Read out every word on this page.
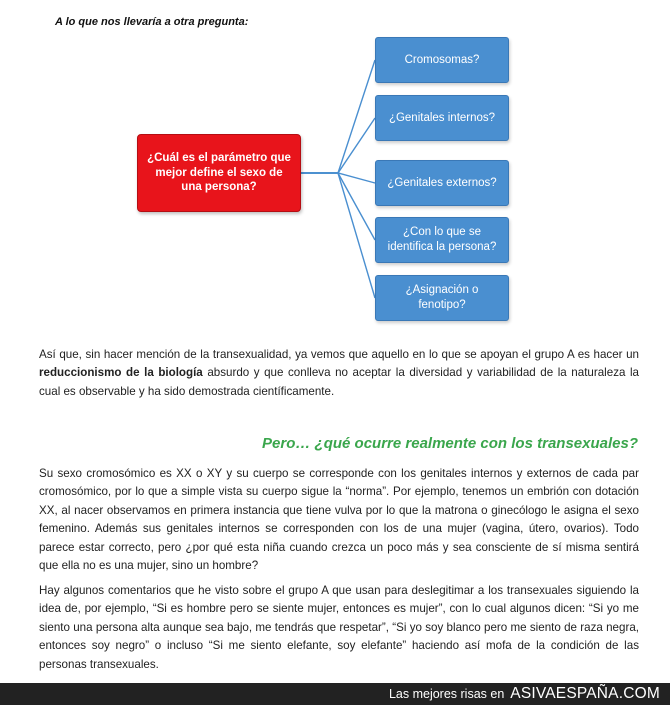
A lo que nos llevaría a otra pregunta:
¿Cuál es el parámetro que mejor define el sexo de una persona?
Cromosomas?
¿Genitales internos?
¿Genitales externos?
¿Con lo que se identifica la persona?
¿Asignación o fenotipo?

Así que, sin hacer mención de la transexualidad, ya vemos que aquello en lo que se apoyan el grupo A es hacer un reduccionismo de la biología absurdo y que conlleva no aceptar la diversidad y variabilidad de la naturaleza la cual es observable y ha sido demostrada científicamente.

Pero… ¿qué ocurre realmente con los transexuales?

Su sexo cromosómico es XX o XY y su cuerpo se corresponde con los genitales internos y externos de cada par cromosómico, por lo que a simple vista su cuerpo sigue la “norma”. Por ejemplo, tenemos un embrión con dotación XX, al nacer observamos en primera instancia que tiene vulva por lo que la matrona o ginecólogo le asigna el sexo femenino. Además sus genitales internos se corresponden con los de una mujer (vagina, útero, ovarios). Todo parece estar correcto, pero ¿por qué esta niña cuando crezca un poco más y sea consciente de sí misma sentirá que ella no es una mujer, sino un hombre?

Hay algunos comentarios que he visto sobre el grupo A que usan para deslegitimar a los transexuales siguiendo la idea de, por ejemplo, “Si es hombre pero se siente mujer, entonces es mujer”, con lo cual algunos dicen: “Si yo me siento una persona alta aunque sea bajo, me tendrás que respetar”, “Si yo soy blanco pero me siento de raza negra, entonces soy negro” o incluso “Si me siento elefante, soy elefante” haciendo así mofa de la condición de las personas transexuales.

Las mejores risas en ASIVAESPAÑA.COM
